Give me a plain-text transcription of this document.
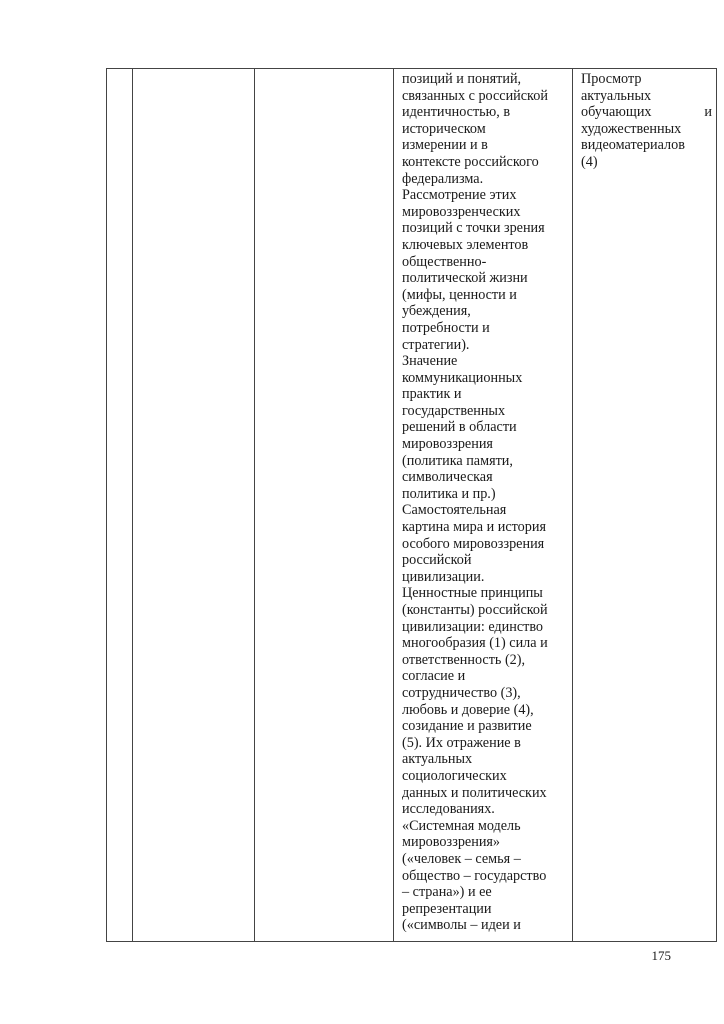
позиций и понятий,
связанных с российской
идентичностью, в
историческом
измерении и в
контексте российского
федерализма.
Рассмотрение этих
мировоззренческих
позиций с точки зрения
ключевых элементов
общественно-
политической жизни
(мифы, ценности и
убеждения,
потребности и
стратегии).
Значение
коммуникационных
практик и
государственных
решений в области
мировоззрения
(политика памяти,
символическая
политика и пр.)
Самостоятельная
картина мира и история
особого мировоззрения
российской
цивилизации.
Ценностные принципы
(константы) российской
цивилизации: единство
многообразия (1) сила и
ответственность (2),
согласие и
сотрудничество (3),
любовь и доверие (4),
созидание и развитие
(5). Их отражение в
актуальных
социологических
данных и политических
исследованиях.
«Системная модель
мировоззрения»
(«человек – семья –
общество – государство
– страна») и ее
репрезентации
(«символы – идеи и

Просмотр
актуальных
обучающих	и
художественных
видеоматериалов
(4)
175
